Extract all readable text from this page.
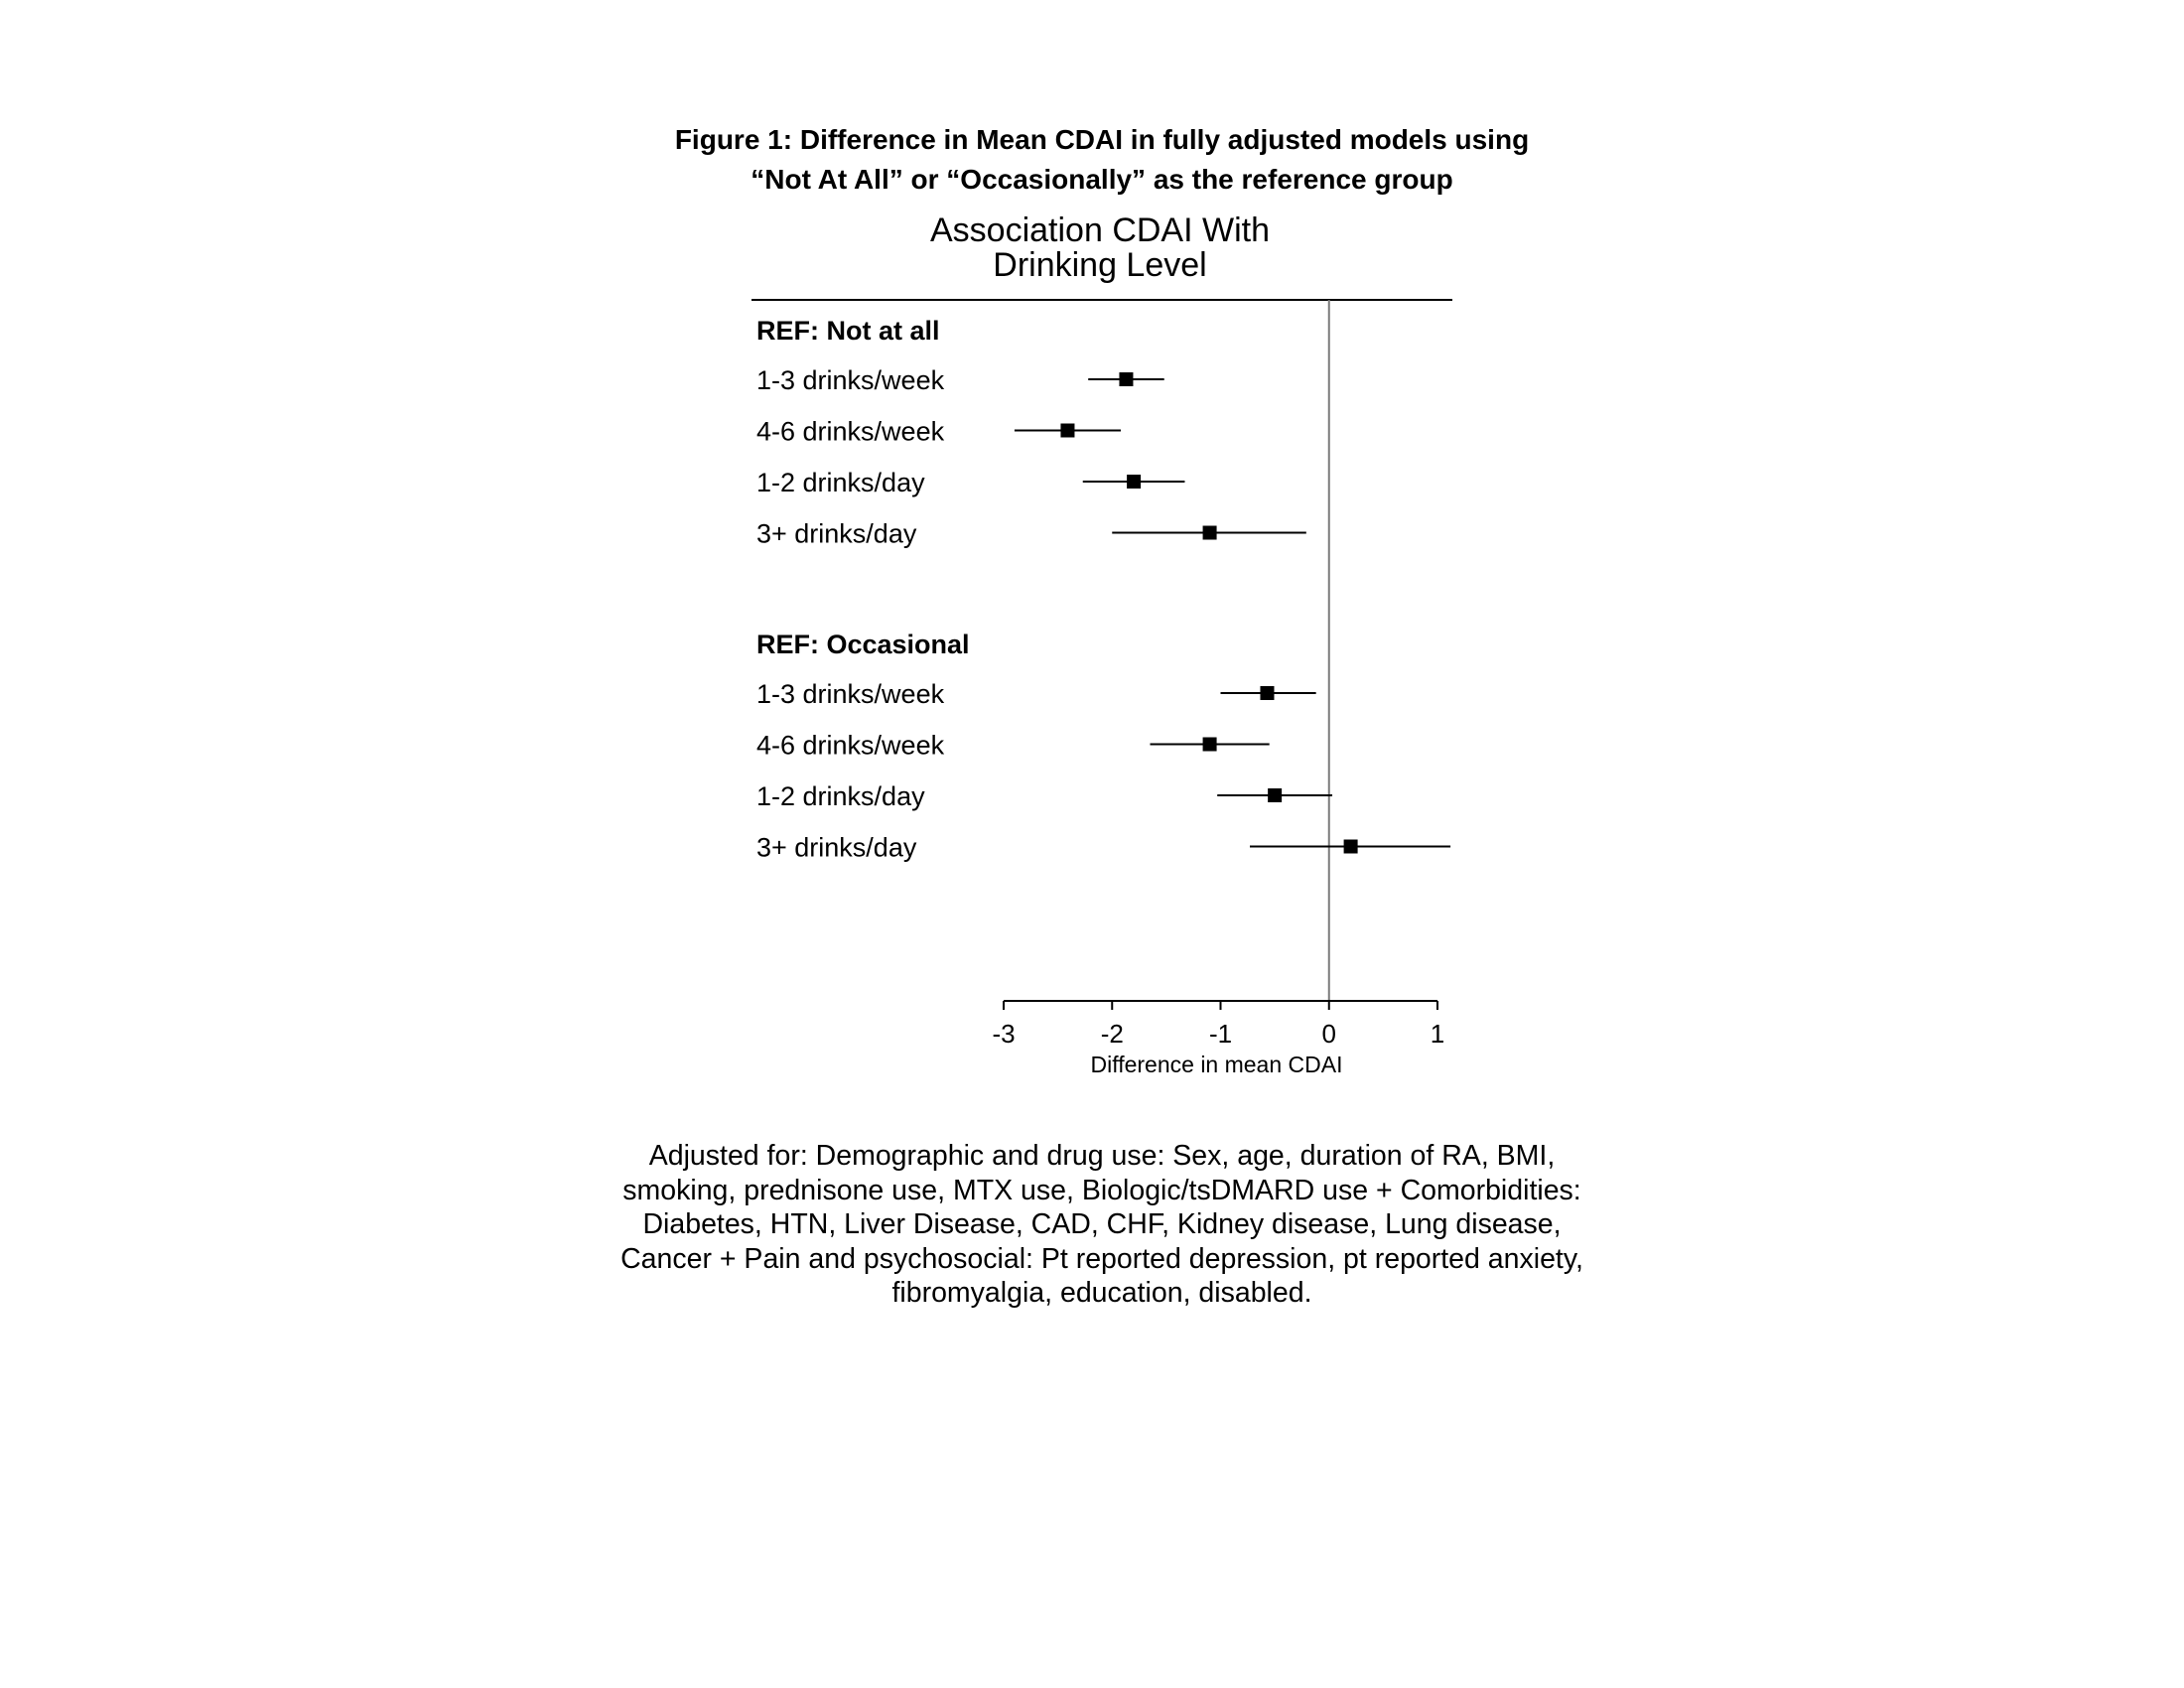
Figure 1: Difference in Mean CDAI in fully adjusted models using
“Not At All” or “Occasionally” as the reference group
Association CDAI With
Drinking Level
REF: Not at all
1-3 drinks/week
4-6 drinks/week
1-2 drinks/day
3+ drinks/day
REF: Occasional
1-3 drinks/week
4-6 drinks/week
1-2 drinks/day
3+ drinks/day
-3	-2	-1	0	1
Difference in mean CDAI
Adjusted for: Demographic and drug use: Sex, age, duration of RA, BMI,
smoking, prednisone use, MTX use, Biologic/tsDMARD use + Comorbidities:
Diabetes, HTN, Liver Disease, CAD, CHF, Kidney disease, Lung disease,
Cancer + Pain and psychosocial: Pt reported depression, pt reported anxiety,
fibromyalgia, education, disabled.
